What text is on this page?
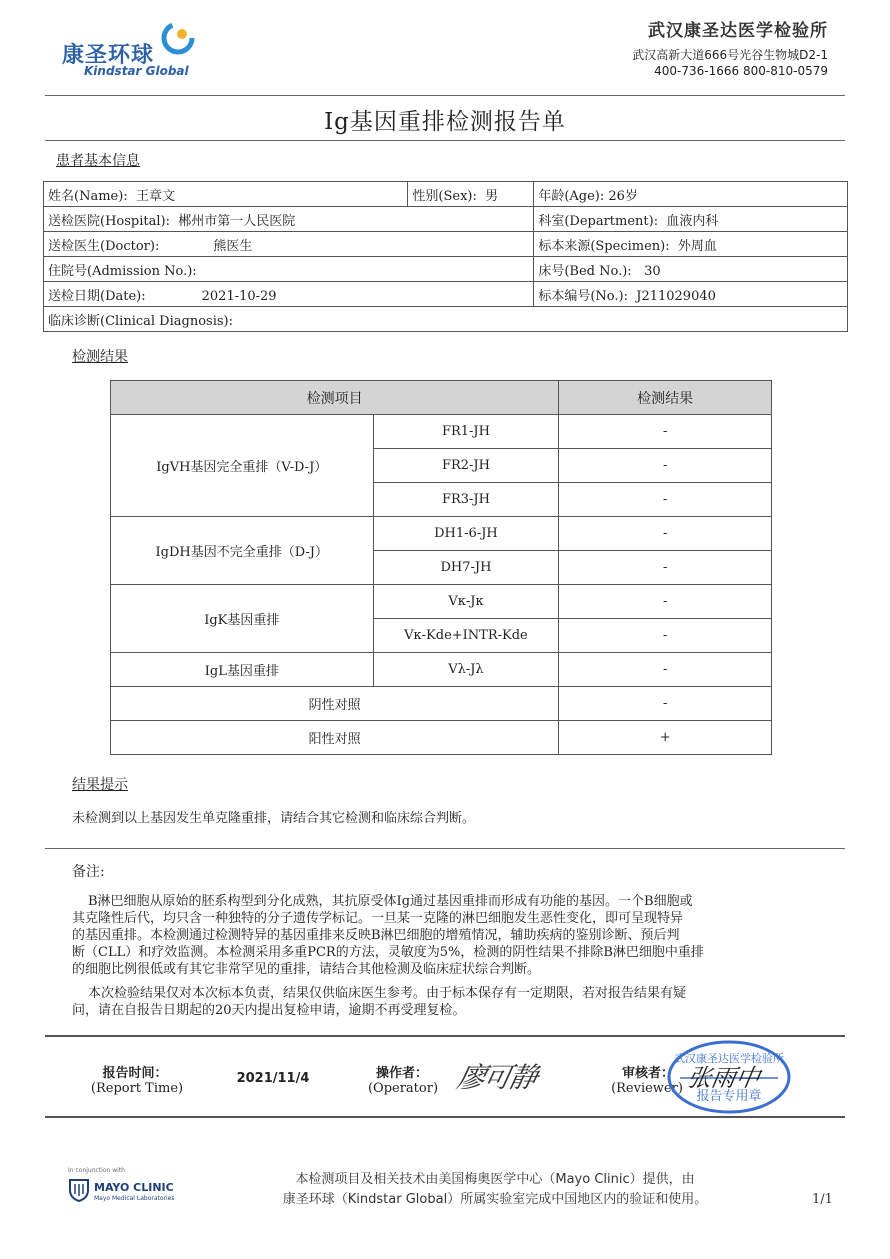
康圣环球
Kindstar Global
武汉康圣达医学检验所
武汉高新大道666号光谷生物城D2-1
400-736-1666 800-810-0579
Ig基因重排检测报告单
患者基本信息
姓名(Name): 王章文	性别(Sex): 男	年龄(Age): 26岁
送检医院(Hospital): 郴州市第一人民医院		科室(Department): 血液内科
送检医生(Doctor): 熊医生		标本来源(Specimen): 外周血
住院号(Admission No.):		床号(Bed No.): 30
送检日期(Date): 2021-10-29		标本编号(No.): J211029040
临床诊断(Clinical Diagnosis):		
检测结果
检测项目		检测结果
IgVH基因完全重排（V-D-J）	FR1-JH	-
	FR2-JH	-
	FR3-JH	-
IgDH基因不完全重排（D-J）	DH1-6-JH	-
	DH7-JH	-
IgK基因重排	Vκ-Jκ	-
	Vκ-Kde+INTR-Kde	-
IgL基因重排	Vλ-Jλ	-
阴性对照		-
阳性对照		+
结果提示
未检测到以上基因发生单克隆重排，请结合其它检测和临床综合判断。
备注:
B淋巴细胞从原始的胚系构型到分化成熟，其抗原受体Ig通过基因重排而形成有功能的基因。一个B细胞或
其克隆性后代，均只含一种独特的分子遗传学标记。一旦某一克隆的淋巴细胞发生恶性变化，即可呈现特异
的基因重排。本检测通过检测特异的基因重排来反映B淋巴细胞的增殖情况，辅助疾病的鉴别诊断、预后判
断（CLL）和疗效监测。本检测采用多重PCR的方法，灵敏度为5%，检测的阴性结果不排除B淋巴细胞中重排
的细胞比例很低或有其它非常罕见的重排，请结合其他检测及临床症状综合判断。
本次检验结果仅对本次标本负责，结果仅供临床医生参考。由于标本保存有一定期限，若对报告结果有疑
问，请在自报告日期起的20天内提出复检申请，逾期不再受理复检。
报告时间：
(Report Time)
2021/11/4	操作者：
(Operator) 廖可静	审核者：
(Reviewer)
武汉康圣达医学检验所
报告专用章
张雨中
In conjunction with
MAYO CLINIC
Mayo Medical Laboratories
本检测项目及相关技术由美国梅奥医学中心（Mayo Clinic）提供，由
康圣环球（Kindstar Global）所属实验室完成中国地区内的验证和使用。	1/1
